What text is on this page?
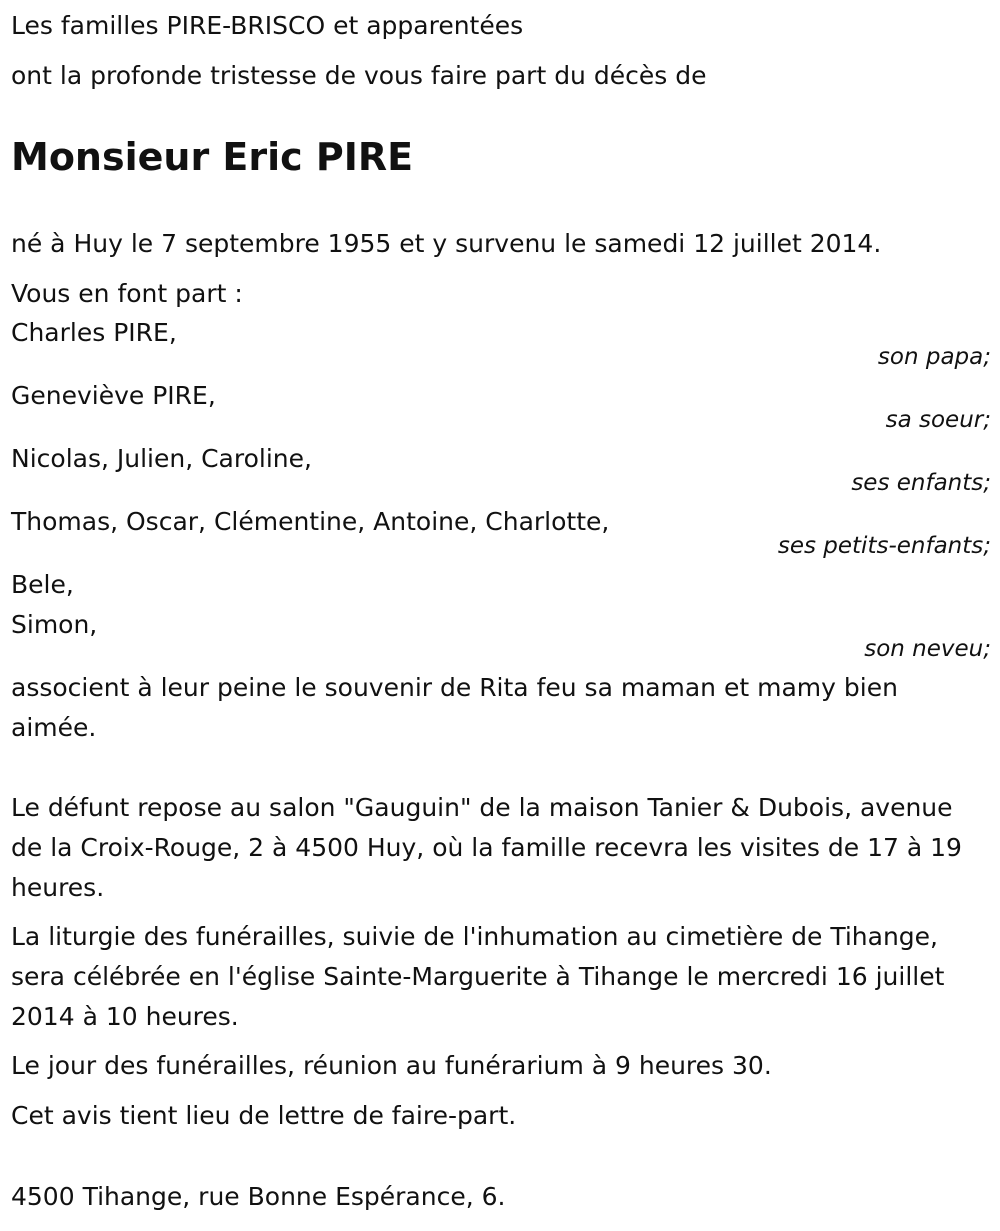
Les familles PIRE-BRISCO et apparentées
ont la profonde tristesse de vous faire part du décès de
Monsieur Eric PIRE
né à Huy le 7 septembre 1955 et y survenu le samedi 12 juillet 2014.
Vous en font part :
Charles PIRE,
son papa;
Geneviève PIRE,
sa soeur;
Nicolas, Julien, Caroline,
ses enfants;
Thomas, Oscar, Clémentine, Antoine, Charlotte,
ses petits-enfants;
Bele,
Simon,
son neveu;
associent à leur peine le souvenir de Rita feu sa maman et mamy bien aimée.
Le défunt repose au salon "Gauguin" de la maison Tanier & Dubois, avenue de la Croix-Rouge, 2 à 4500 Huy, où la famille recevra les visites de 17 à 19 heures.
La liturgie des funérailles, suivie de l'inhumation au cimetière de Tihange, sera célébrée en l'église Sainte-Marguerite à Tihange le mercredi 16 juillet 2014 à 10 heures.
Le jour des funérailles, réunion au funérarium à 9 heures 30.
Cet avis tient lieu de lettre de faire-part.
4500 Tihange, rue Bonne Espérance, 6.
